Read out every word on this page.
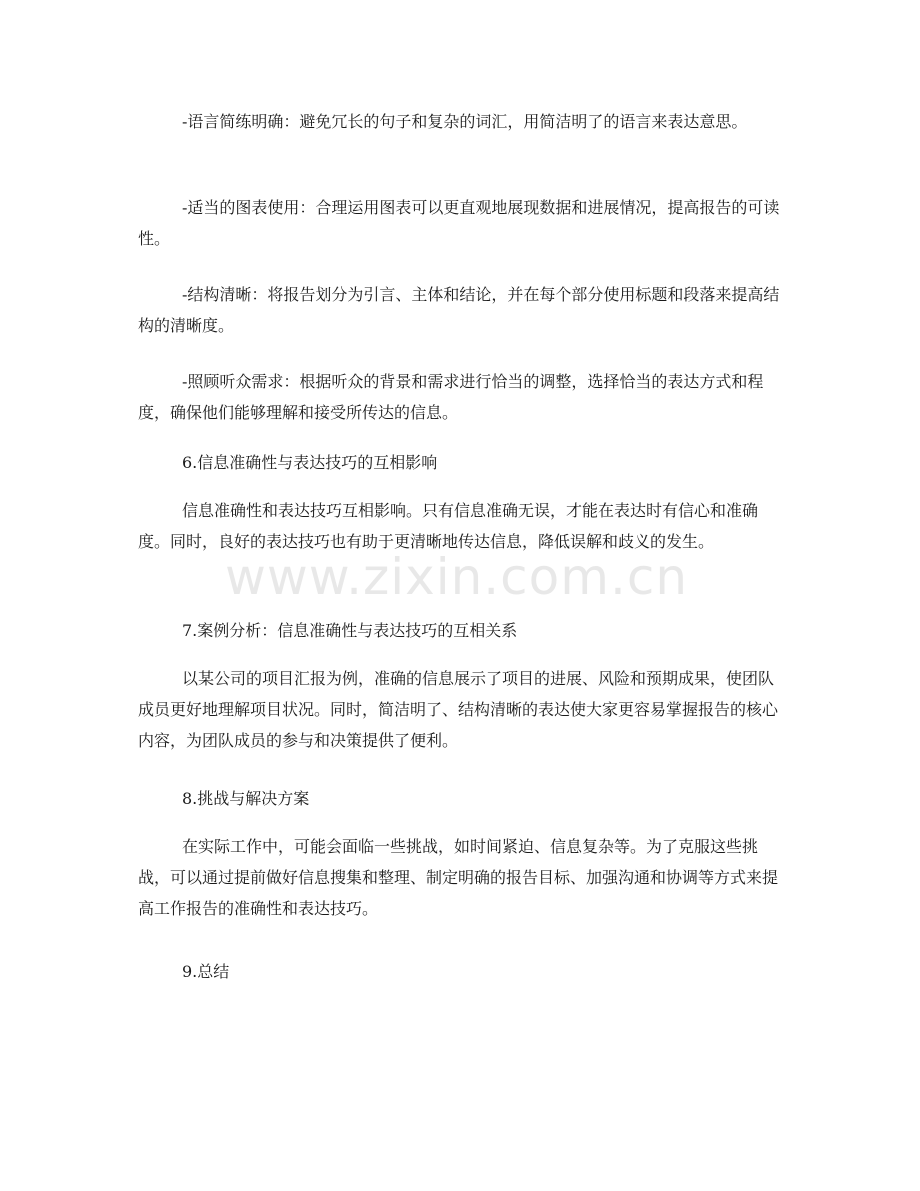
-语言简练明确：避免冗长的句子和复杂的词汇，用简洁明了的语言来表达意思。

-适当的图表使用：合理运用图表可以更直观地展现数据和进展情况，提高报告的可读性。

-结构清晰：将报告划分为引言、主体和结论，并在每个部分使用标题和段落来提高结构的清晰度。

-照顾听众需求：根据听众的背景和需求进行恰当的调整，选择恰当的表达方式和程度，确保他们能够理解和接受所传达的信息。

6.信息准确性与表达技巧的互相影响

信息准确性和表达技巧互相影响。只有信息准确无误，才能在表达时有信心和准确度。同时，良好的表达技巧也有助于更清晰地传达信息，降低误解和歧义的发生。

7.案例分析：信息准确性与表达技巧的互相关系

以某公司的项目汇报为例，准确的信息展示了项目的进展、风险和预期成果，使团队成员更好地理解项目状况。同时，简洁明了、结构清晰的表达使大家更容易掌握报告的核心内容，为团队成员的参与和决策提供了便利。

8.挑战与解决方案

在实际工作中，可能会面临一些挑战，如时间紧迫、信息复杂等。为了克服这些挑战，可以通过提前做好信息搜集和整理、制定明确的报告目标、加强沟通和协调等方式来提高工作报告的准确性和表达技巧。

9.总结

www.zixin.com.cn
